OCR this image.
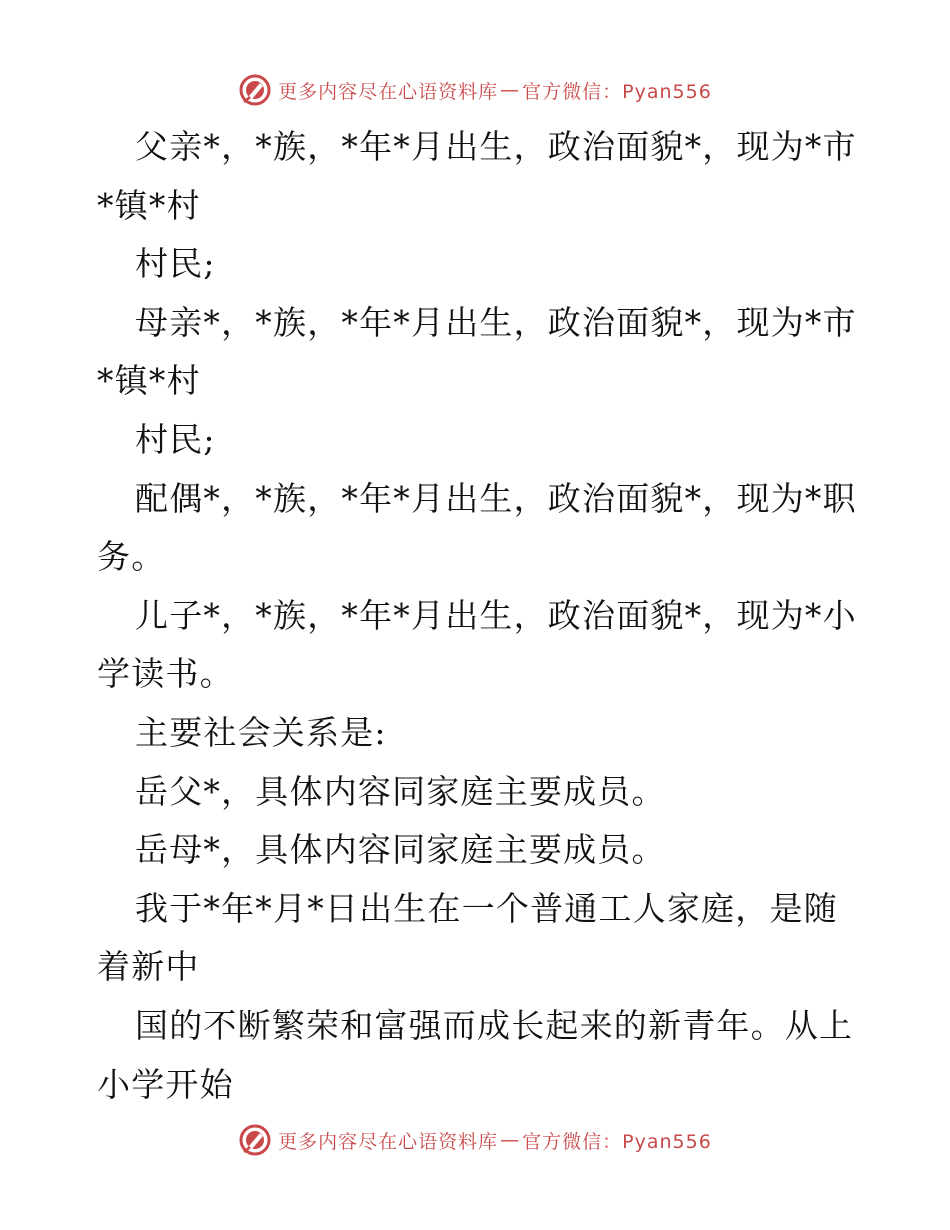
更多内容尽在心语资料库 — 官方微信：Pyan556
父亲*，*族，*年*月出生，政治面貌*，现为*市
*镇*村
村民;
母亲*，*族，*年*月出生，政治面貌*，现为*市
*镇*村
村民;
配偶*，*族，*年*月出生，政治面貌*，现为*职
务。
儿子*，*族，*年*月出生，政治面貌*，现为*小
学读书。
主要社会关系是:
岳父*，具体内容同家庭主要成员。
岳母*，具体内容同家庭主要成员。
我于*年*月*日出生在一个普通工人家庭，是随
着新中
国的不断繁荣和富强而成长起来的新青年。从上
小学开始
更多内容尽在心语资料库 — 官方微信：Pyan556
